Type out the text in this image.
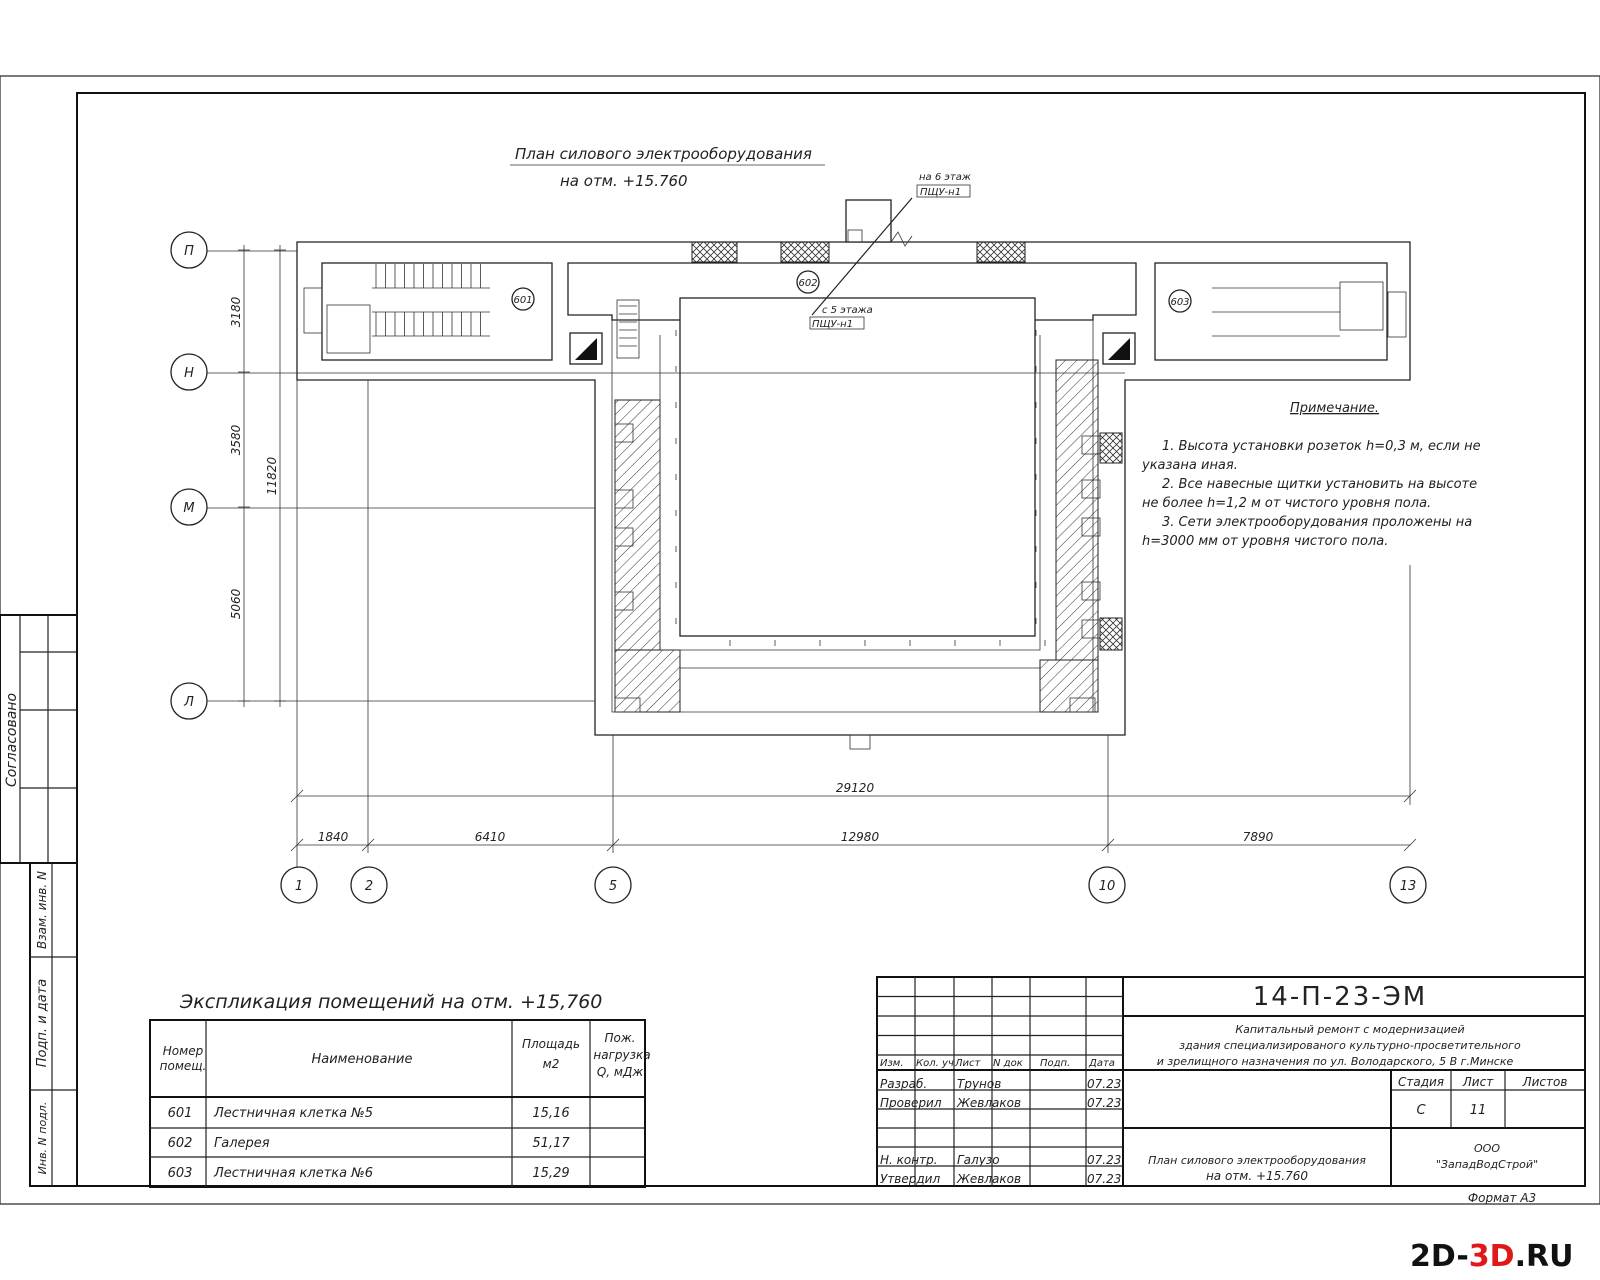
План силового электрооборудования
на отм. +15.760
601	603
602
на 6 этаж
ПЩУ-н1
с 5 этажа
ПЩУ-н1
П
Н
М
Л
3180
3580
5060
11820
29120
1840	6410	12980	7890
1	2	5	10	13
Примечание.
1. Высота установки розеток h=0,3 м, если не
указана иная.
2. Все навесные щитки установить на высоте
не более h=1,2 м от чистого уровня пола.
3. Сети электрооборудования проложены на
h=3000 мм от уровня чистого пола.
Экспликация помещений на отм. +15,760
Номер
помещ.	Наименование
Площадь
м2
Пож.
нагрузка
Q, мДж
601 Лестничная клетка №5	15,16
602 Галерея	51,17
603 Лестничная клетка №6	15,29
Согласовано
Взам. инв. N
Подп. и дата
Инв. N подл.
14-П-23-ЭМ
Капитальный ремонт с модернизацией
здания специализированого культурно-просветительного
и зрелищного назначения по ул. Володарского, 5 В г.Минске
Изм. Кол. уч Лист N док Подп. Дата
Разраб. Трунов	07.23
Проверил Жевлаков	07.23
Н. контр. Галузо	07.23
Утвердил Жевлаков	07.23
Стадия Лист Листов
С	11
План силового электрооборудования
на отм. +15.760
ООО
"ЗападВодСтрой"
Формат А3
2D-3D.RU
